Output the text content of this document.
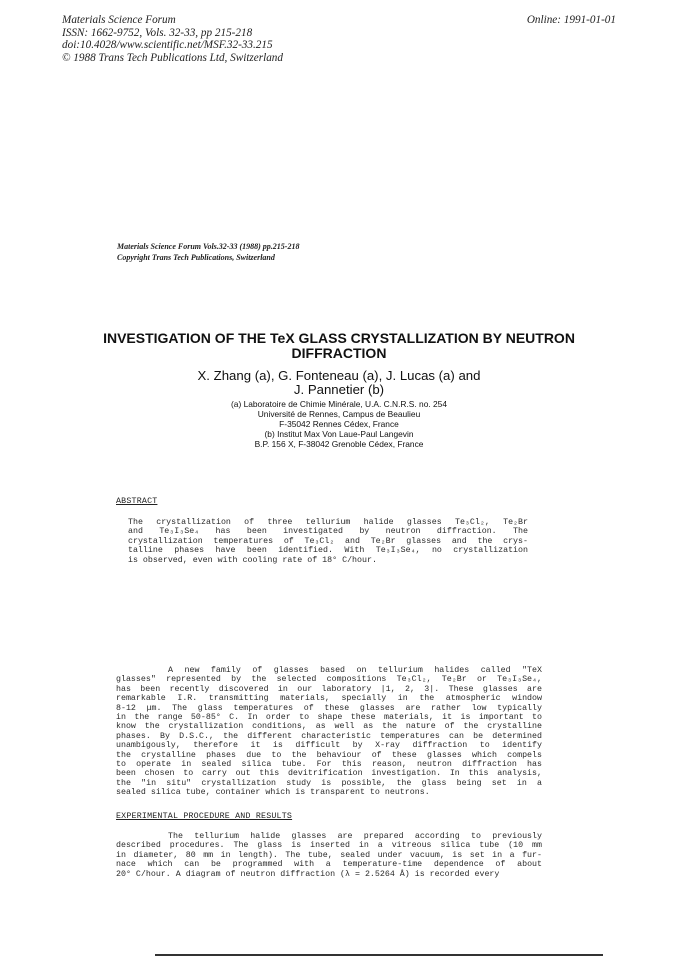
Materials Science Forum
ISSN: 1662-9752, Vols. 32-33, pp 215-218
doi:10.4028/www.scientific.net/MSF.32-33.215
© 1988 Trans Tech Publications Ltd, Switzerland
Online: 1991-01-01
Materials Science Forum Vols.32-33 (1988) pp.215-218
Copyright Trans Tech Publications, Switzerland
INVESTIGATION OF THE TeX GLASS CRYSTALLIZATION BY NEUTRON
DIFFRACTION
X. Zhang (a), G. Fonteneau (a), J. Lucas (a) and
J. Pannetier (b)
(a) Laboratoire de Chimie Minérale, U.A. C.N.R.S. no. 254
Université de Rennes, Campus de Beaulieu
F-35042 Rennes Cédex, France
(b) Institut Max Von Laue-Paul Langevin
B.P. 156 X, F-38042 Grenoble Cédex, France
ABSTRACT
The crystallization of three tellurium halide glasses Te₃Cl₂, Te₂Br
and Te₃I₃Se₄ has been investigated by neutron diffraction. The
crystallization temperatures of Te₃Cl₂ and Te₂Br glasses and the crys-
talline phases have been identified. With Te₃I₃Se₄, no crystallization
is observed, even with cooling rate of 18° C/hour.
A new family of glasses based on tellurium halides called "TeX
glasses" represented by the selected compositions Te₃Cl₂, Te₂Br or Te₃I₃Se₄,
has been recently discovered in our laboratory |1, 2, 3|. These glasses are
remarkable I.R. transmitting materials, specially in the atmospheric window
8-12 μm. The glass temperatures of these glasses are rather low typically
in the range 50-85° C. In order to shape these materials, it is important to
know the crystallization conditions, as well as the nature of the crystalline
phases. By D.S.C., the different characteristic temperatures can be determined
unambigously, therefore it is difficult by X-ray diffraction to identify
the crystalline phases due to the behaviour of these glasses which compels
to operate in sealed silica tube. For this reason, neutron diffraction has
been chosen to carry out this devitrification investigation. In this analysis,
the "in situ" crystallization study is possible, the glass being set in a
sealed silica tube, container which is transparent to neutrons.
EXPERIMENTAL PROCEDURE AND RESULTS
The tellurium halide glasses are prepared according to previously
described procedures. The glass is inserted in a vitreous silica tube (10 mm
in diameter, 80 mm in length). The tube, sealed under vacuum, is set in a fur-
nace which can be programmed with a temperature-time dependence of about
20° C/hour. A diagram of neutron diffraction (λ = 2.5264 Å) is recorded every
